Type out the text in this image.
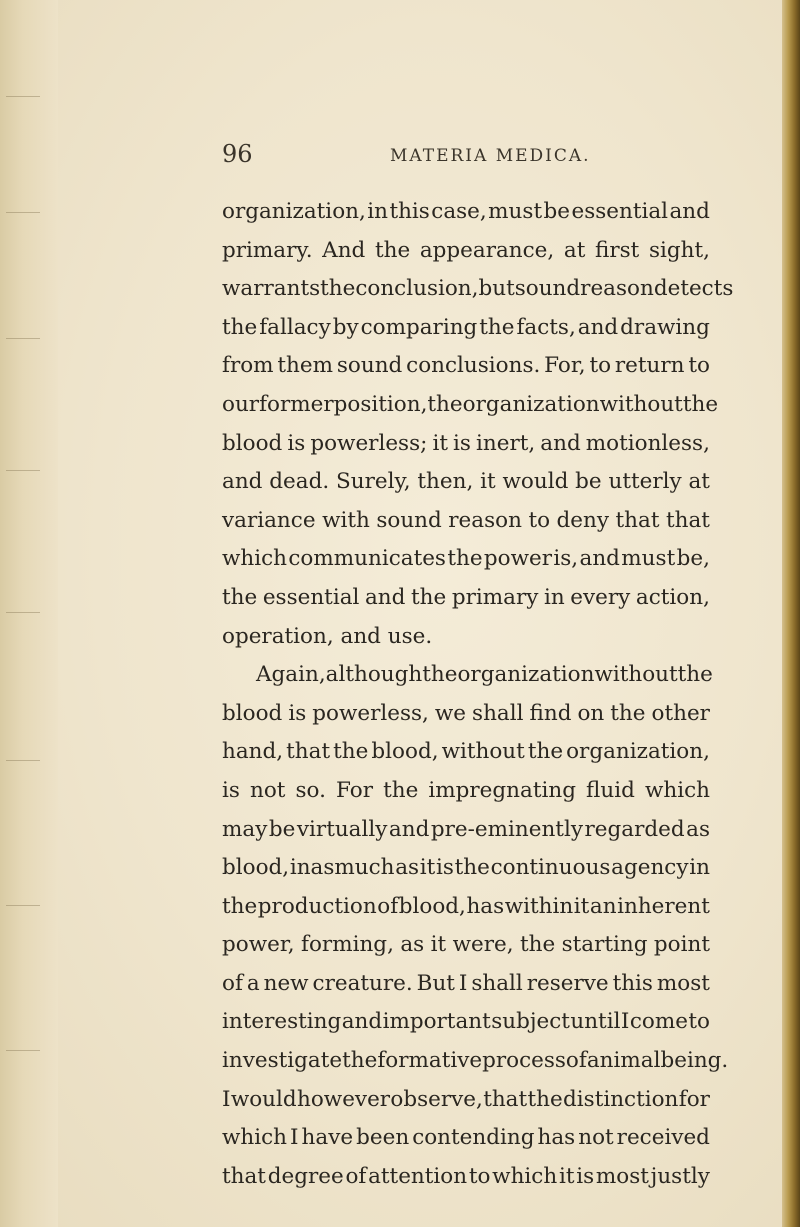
96	MATERIA MEDICA.
organization, in this case, must be essential and
primary. And the appearance, at first sight,
warrants the conclusion, but sound reason detects
the fallacy by comparing the facts, and drawing
from them sound conclusions. For, to return to
our former position, the organization without the
blood is powerless; it is inert, and motionless,
and dead. Surely, then, it would be utterly at
variance with sound reason to deny that that
which communicates the power is, and must be,
the essential and the primary in every action,
operation, and use.
Again, although the organization without the
blood is powerless, we shall find on the other
hand, that the blood, without the organization,
is not so. For the impregnating fluid which
may be virtually and pre-eminently regarded as
blood, inasmuch as it is the continuous agency in
the production of blood, has within it an inherent
power, forming, as it were, the starting point
of a new creature. But I shall reserve this most
interesting and important subject until I come to
investigate the formative process of animal being.
I would however observe, that the distinction for
which I have been contending has not received
that degree of attention to which it is most justly
